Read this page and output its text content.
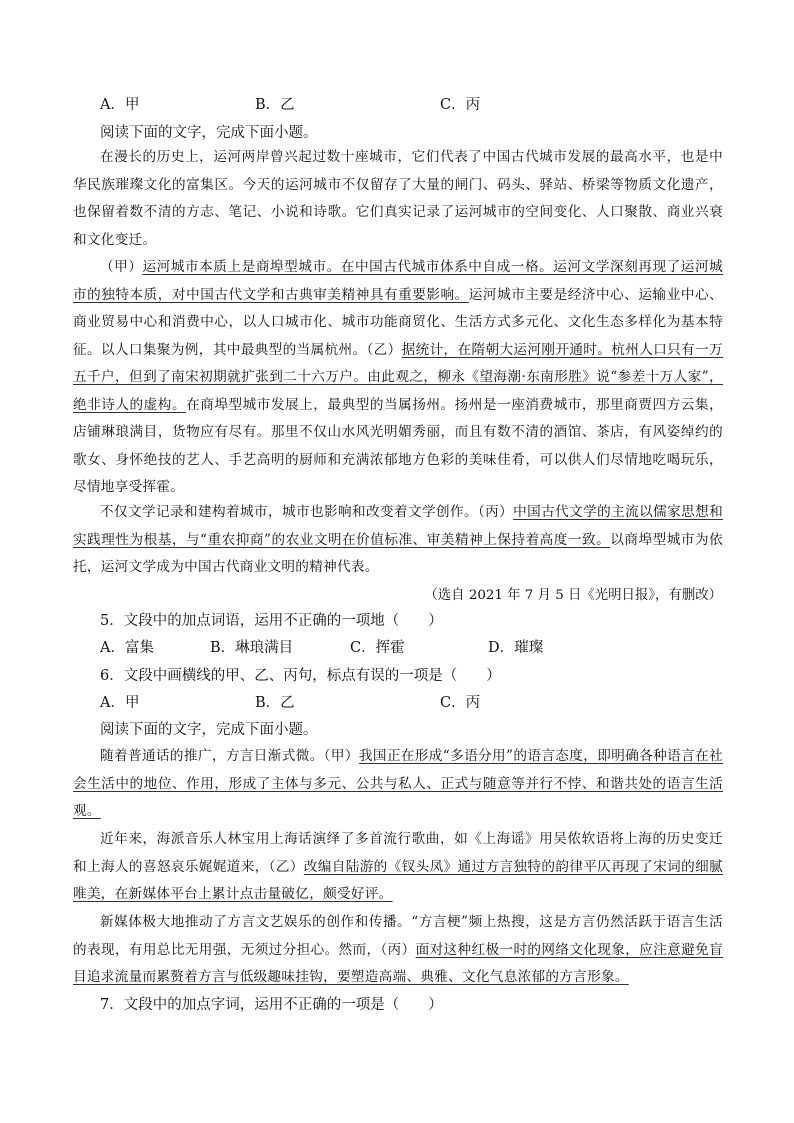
A．甲	B．乙	C．丙
阅读下面的文字，完成下面小题。
在漫长的历史上，运河两岸曾兴起过数十座城市，它们代表了中国古代城市发展的最高水平，也是中华民族璀璨文化的富集区。今天的运河城市不仅留存了大量的闸门、码头、驿站、桥梁等物质文化遗产，也保留着数不清的方志、笔记、小说和诗歌。它们真实记录了运河城市的空间变化、人口聚散、商业兴衰和文化变迁。
（甲）运河城市本质上是商埠型城市。在中国古代城市体系中自成一格。运河文学深刻再现了运河城市的独特本质，对中国古代文学和古典审美精神具有重要影响。运河城市主要是经济中心、运输业中心、商业贸易中心和消费中心，以人口城市化、城市功能商贸化、生活方式多元化、文化生态多样化为基本特征。以人口集聚为例，其中最典型的当属杭州。（乙）据统计，在隋朝大运河刚开通时。杭州人口只有一万五千户，但到了南宋初期就扩张到二十六万户。由此观之，柳永《望海潮·东南形胜》说“参差十万人家”，绝非诗人的虚构。在商埠型城市发展上，最典型的当属扬州。扬州是一座消费城市，那里商贾四方云集，店铺琳琅满目，货物应有尽有。那里不仅山水风光明媚秀丽，而且有数不清的酒馆、茶店，有风姿绰约的歌女、身怀绝技的艺人、手艺高明的厨师和充满浓郁地方色彩的美味佳肴，可以供人们尽情地吃喝玩乐，尽情地享受挥霍。
不仅文学记录和建构着城市，城市也影响和改变着文学创作。（丙）中国古代文学的主流以儒家思想和实践理性为根基，与“重农抑商”的农业文明在价值标准、审美精神上保持着高度一致。以商埠型城市为依托，运河文学成为中国古代商业文明的精神代表。
（选自 2021 年 7 月 5 日《光明日报》，有删改）
5．文段中的加点词语，运用不正确的一项地（　　）
A．富集	B．琳琅满目	C．挥霍	D．璀璨
6．文段中画横线的甲、乙、丙句，标点有误的一项是（　　）
A．甲	B．乙	C．丙
阅读下面的文字，完成下面小题。
随着普通话的推广，方言日渐式微。（甲）我国正在形成“多语分用”的语言态度，即明确各种语言在社会生活中的地位、作用，形成了主体与多元、公共与私人、正式与随意等并行不悖、和谐共处的语言生活观。
近年来，海派音乐人林宝用上海话演绎了多首流行歌曲，如《上海谣》用吴侬软语将上海的历史变迁和上海人的喜怒哀乐娓娓道来，（乙）改编自陆游的《钗头凤》通过方言独特的韵律平仄再现了宋词的细腻唯美，在新媒体平台上累计点击量破亿，颇受好评。
新媒体极大地推动了方言文艺娱乐的创作和传播。“方言梗”频上热搜，这是方言仍然活跃于语言生活的表现，有用总比无用强，无须过分担心。然而，（丙）面对这种红极一时的网络文化现象，应注意避免盲目追求流量而累赘着方言与低级趣味挂钩，要塑造高端、典雅、文化气息浓郁的方言形象。
7．文段中的加点字词，运用不正确的一项是（　　）
